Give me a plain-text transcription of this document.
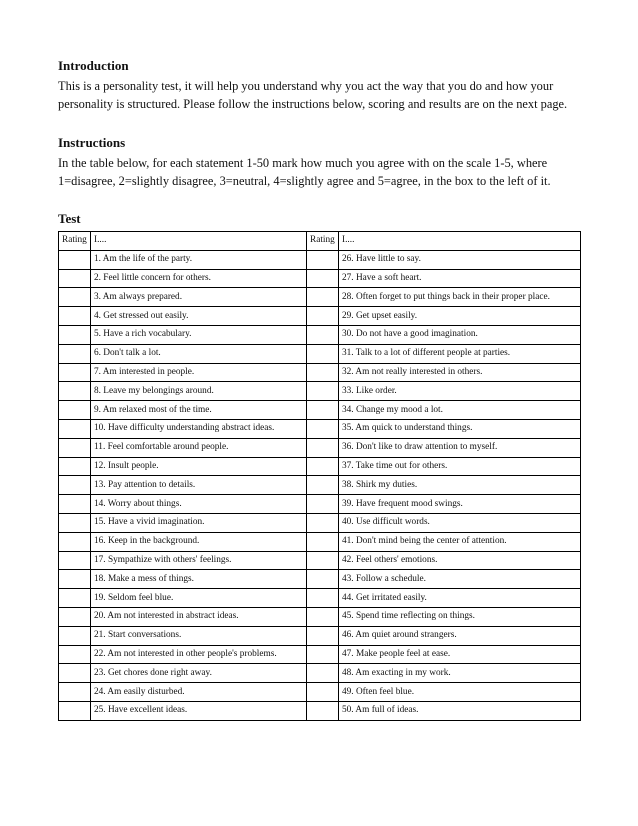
Introduction

This is a personality test, it will help you understand why you act the way that you do and how your personality is structured. Please follow the instructions below, scoring and results are on the next page.

Instructions

In the table below, for each statement 1-50 mark how much you agree with on the scale 1-5, where 1=disagree, 2=slightly disagree, 3=neutral, 4=slightly agree and 5=agree, in the box to the left of it.

Test
Rating	I....	Rating	I....
	1. Am the life of the party.		26. Have little to say.
	2. Feel little concern for others.		27. Have a soft heart.
	3. Am always prepared.		28. Often forget to put things back in their proper place.
	4. Get stressed out easily.		29. Get upset easily.
	5. Have a rich vocabulary.		30. Do not have a good imagination.
	6. Don't talk a lot.		31. Talk to a lot of different people at parties.
	7. Am interested in people.		32. Am not really interested in others.
	8. Leave my belongings around.		33. Like order.
	9. Am relaxed most of the time.		34. Change my mood a lot.
	10. Have difficulty understanding abstract ideas.		35. Am quick to understand things.
	11. Feel comfortable around people.		36. Don't like to draw attention to myself.
	12. Insult people.		37. Take time out for others.
	13. Pay attention to details.		38. Shirk my duties.
	14. Worry about things.		39. Have frequent mood swings.
	15. Have a vivid imagination.		40. Use difficult words.
	16. Keep in the background.		41. Don't mind being the center of attention.
	17. Sympathize with others' feelings.		42. Feel others' emotions.
	18. Make a mess of things.		43. Follow a schedule.
	19. Seldom feel blue.		44. Get irritated easily.
	20. Am not interested in abstract ideas.		45. Spend time reflecting on things.
	21. Start conversations.		46. Am quiet around strangers.
	22. Am not interested in other people's problems.		47. Make people feel at ease.
	23. Get chores done right away.		48. Am exacting in my work.
	24. Am easily disturbed.		49. Often feel blue.
	25. Have excellent ideas.		50. Am full of ideas.
